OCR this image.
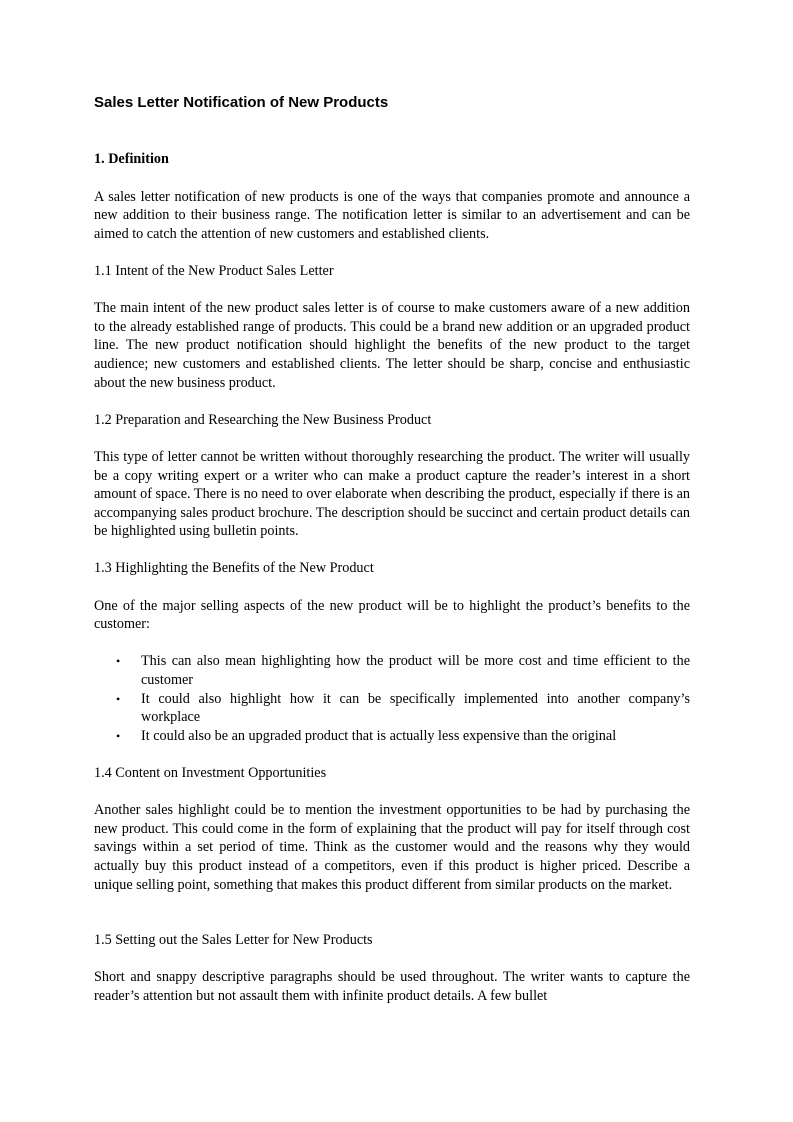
Sales Letter Notification of New Products
1. Definition

A sales letter notification of new products is one of the ways that companies promote and announce a new addition to their business range. The notification letter is similar to an advertisement and can be aimed to catch the attention of new customers and established clients.

1.1 Intent of the New Product Sales Letter

The main intent of the new product sales letter is of course to make customers aware of a new addition to the already established range of products. This could be a brand new addition or an upgraded product line. The new product notification should highlight the benefits of the new product to the target audience; new customers and established clients. The letter should be sharp, concise and enthusiastic about the new business product.

1.2 Preparation and Researching the New Business Product

This type of letter cannot be written without thoroughly researching the product. The writer will usually be a copy writing expert or a writer who can make a product capture the reader’s interest in a short amount of space. There is no need to over elaborate when describing the product, especially if there is an accompanying sales product brochure. The description should be succinct and certain product details can be highlighted using bulletin points.

1.3 Highlighting the Benefits of the New Product

One of the major selling aspects of the new product will be to highlight the product’s benefits to the customer:

• This can also mean highlighting how the product will be more cost and time efficient to the customer
• It could also highlight how it can be specifically implemented into another company’s workplace
• It could also be an upgraded product that is actually less expensive than the original
1.4 Content on Investment Opportunities

Another sales highlight could be to mention the investment opportunities to be had by purchasing the new product. This could come in the form of explaining that the product will pay for itself through cost savings within a set period of time. Think as the customer would and the reasons why they would actually buy this product instead of a competitors, even if this product is higher priced. Describe a unique selling point, something that makes this product different from similar products on the market.

1.5 Setting out the Sales Letter for New Products

Short and snappy descriptive paragraphs should be used throughout. The writer wants to capture the reader’s attention but not assault them with infinite product details. A few bullet
